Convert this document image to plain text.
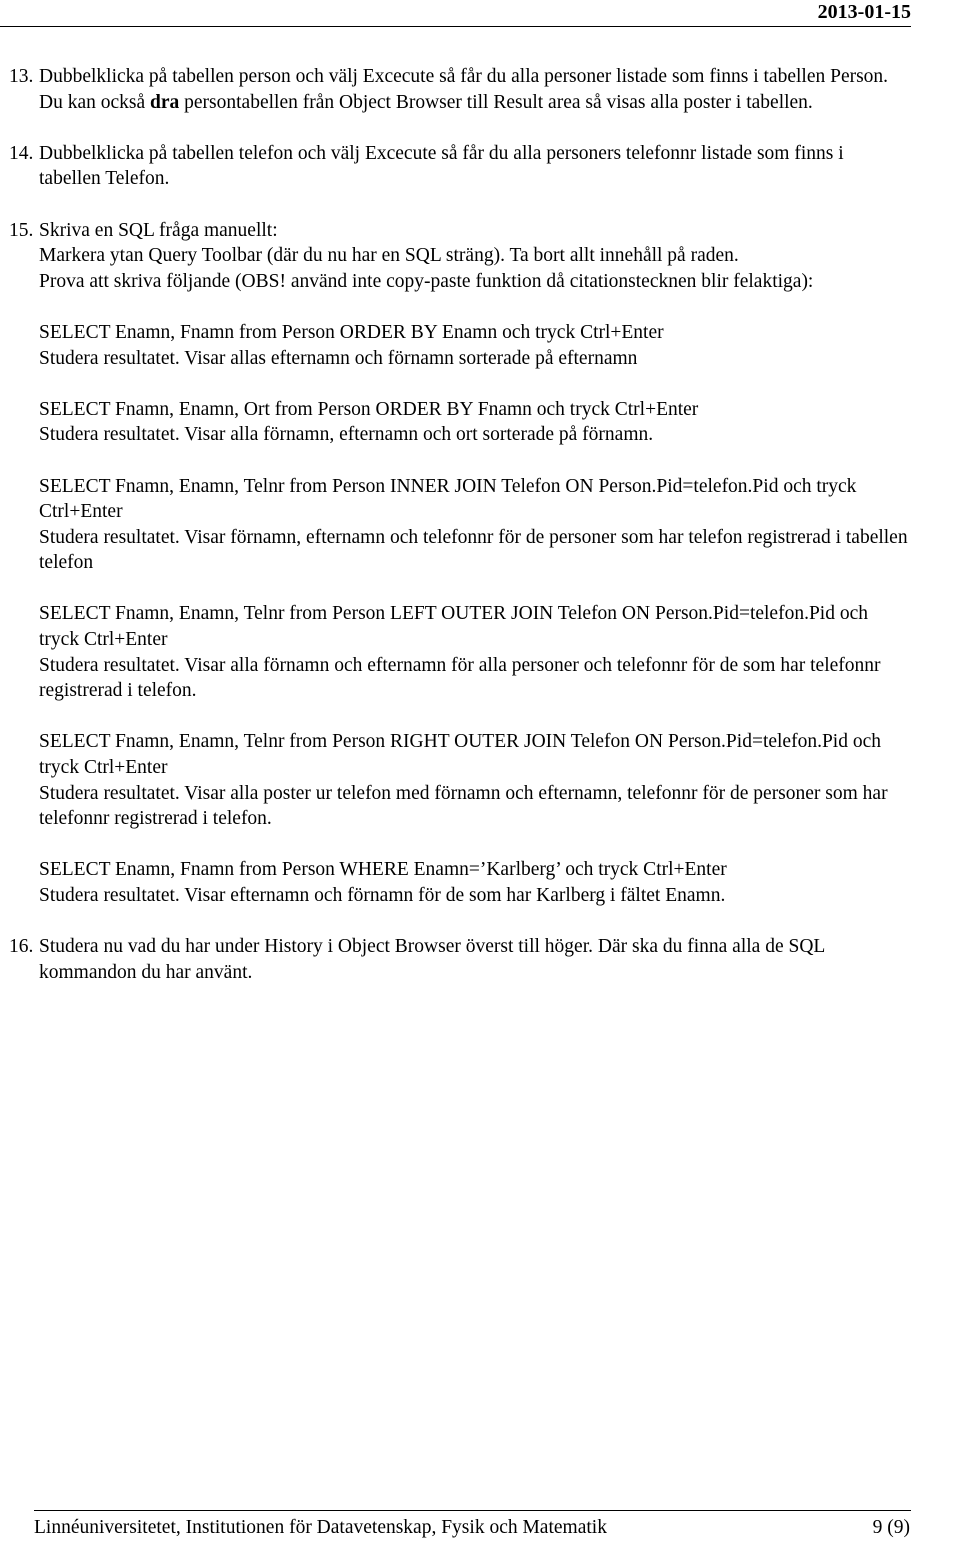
2013-01-15
13. Dubbelklicka på tabellen person och välj Excecute så får du alla personer listade som finns i tabellen Person. Du kan också dra persontabellen från Object Browser till Result area så visas alla poster i tabellen.

14. Dubbelklicka på tabellen telefon och välj Excecute så får du alla personers telefonnr listade som finns i tabellen Telefon.

15. Skriva en SQL fråga manuellt:
Markera ytan Query Toolbar (där du nu har en SQL sträng). Ta bort allt innehåll på raden.
Prova att skriva följande (OBS! använd inte copy-paste funktion då citationstecknen blir felaktiga):
SELECT Enamn, Fnamn from Person ORDER BY Enamn och tryck Ctrl+Enter
Studera resultatet. Visar allas efternamn och förnamn sorterade på efternamn
SELECT Fnamn, Enamn, Ort from Person ORDER BY Fnamn och tryck Ctrl+Enter
Studera resultatet. Visar alla förnamn, efternamn och ort sorterade på förnamn.
SELECT Fnamn, Enamn, Telnr from Person INNER JOIN Telefon ON Person.Pid=telefon.Pid och tryck Ctrl+Enter
Studera resultatet. Visar förnamn, efternamn och telefonnr för de personer som har telefon registrerad i tabellen telefon
SELECT Fnamn, Enamn, Telnr from Person LEFT OUTER JOIN Telefon ON Person.Pid=telefon.Pid och tryck Ctrl+Enter
Studera resultatet. Visar alla förnamn och efternamn för alla personer och telefonnr för de som har telefonnr registrerad i telefon.
SELECT Fnamn, Enamn, Telnr from Person RIGHT OUTER JOIN Telefon ON Person.Pid=telefon.Pid och tryck Ctrl+Enter
Studera resultatet. Visar alla poster ur telefon med förnamn och efternamn, telefonnr för de personer som har telefonnr registrerad i telefon.
SELECT Enamn, Fnamn from Person WHERE Enamn=’Karlberg’ och tryck Ctrl+Enter
Studera resultatet. Visar efternamn och förnamn för de som har Karlberg i fältet Enamn.
16. Studera nu vad du har under History i Object Browser överst till höger. Där ska du finna alla de SQL kommandon du har använt.

Linnéuniversitetet, Institutionen för Datavetenskap, Fysik och Matematik	9 (9)
